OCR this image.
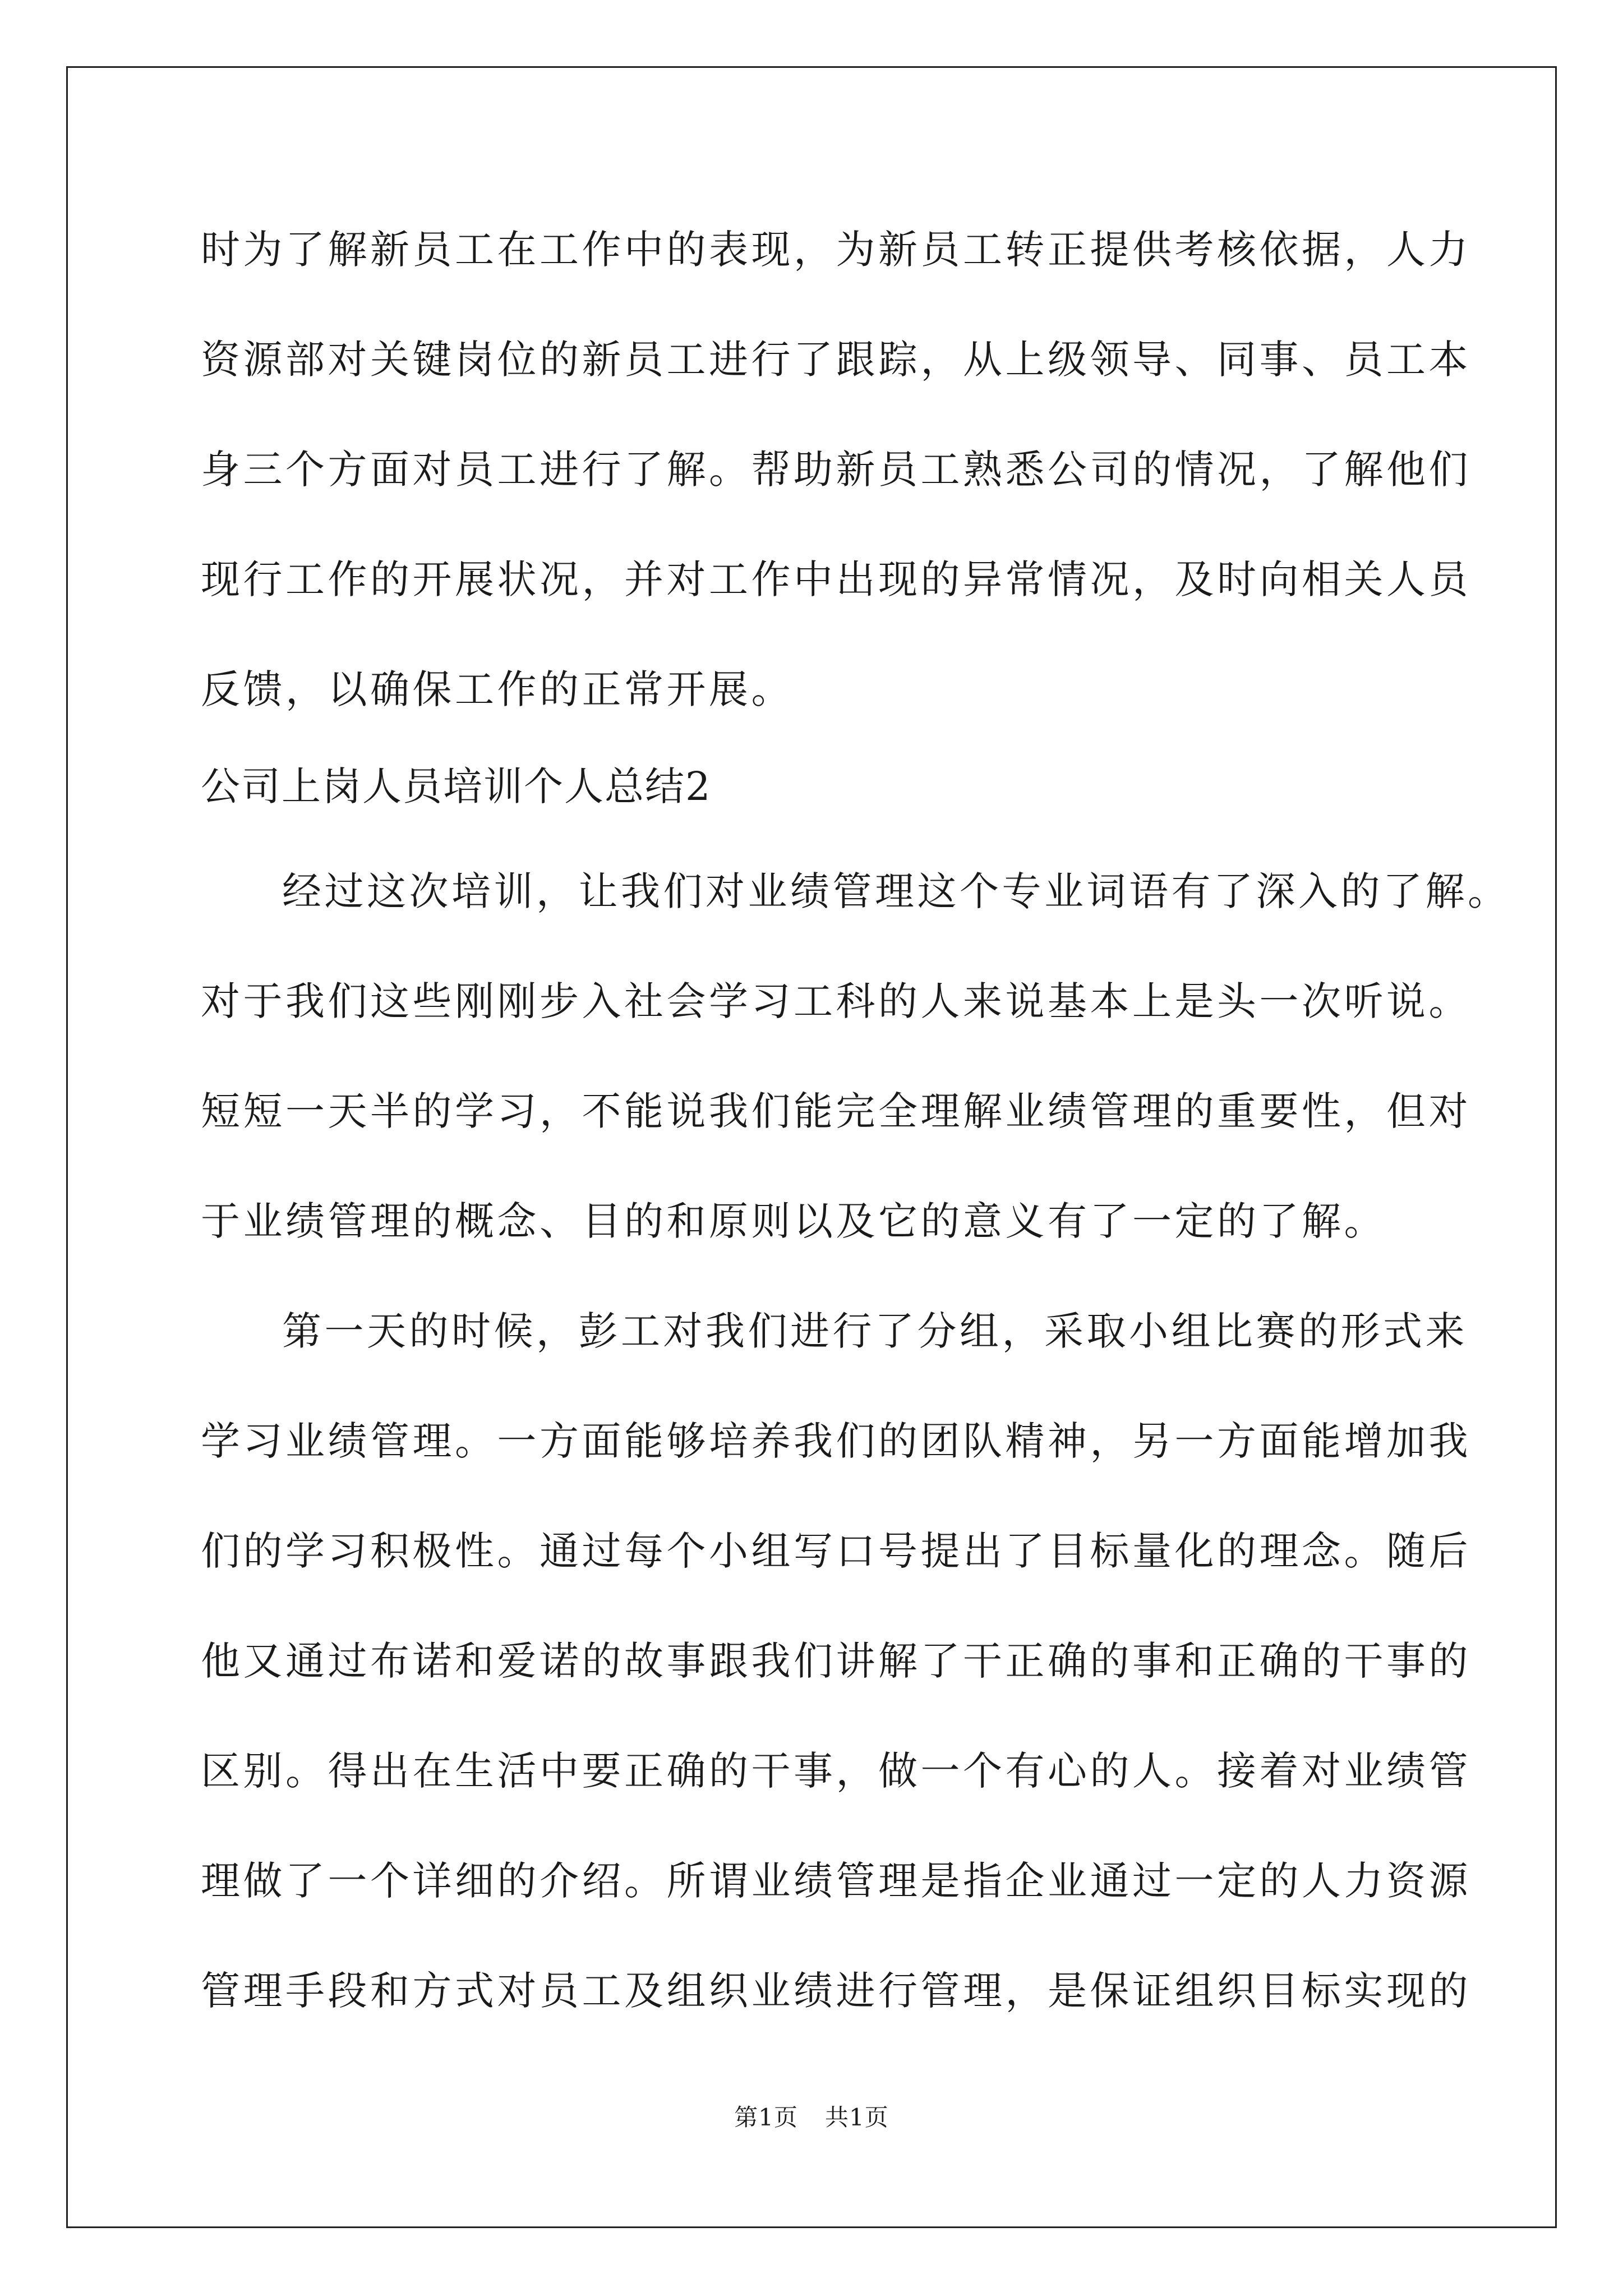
时为了解新员工在工作中的表现，为新员工转正提供考核依据，人力
资源部对关键岗位的新员工进行了跟踪，从上级领导、同事、员工本
身三个方面对员工进行了解。帮助新员工熟悉公司的情况，了解他们
现行工作的开展状况，并对工作中出现的异常情况，及时向相关人员
反馈，以确保工作的正常开展。
公司上岗人员培训个人总结2
经过这次培训，让我们对业绩管理这个专业词语有了深入的了解。
对于我们这些刚刚步入社会学习工科的人来说基本上是头一次听说。
短短一天半的学习，不能说我们能完全理解业绩管理的重要性，但对
于业绩管理的概念、目的和原则以及它的意义有了一定的了解。
第一天的时候，彭工对我们进行了分组，采取小组比赛的形式来
学习业绩管理。一方面能够培养我们的团队精神，另一方面能增加我
们的学习积极性。通过每个小组写口号提出了目标量化的理念。随后
他又通过布诺和爱诺的故事跟我们讲解了干正确的事和正确的干事的
区别。得出在生活中要正确的干事，做一个有心的人。接着对业绩管
理做了一个详细的介绍。所谓业绩管理是指企业通过一定的人力资源
管理手段和方式对员工及组织业绩进行管理，是保证组织目标实现的
第1页 共1页
